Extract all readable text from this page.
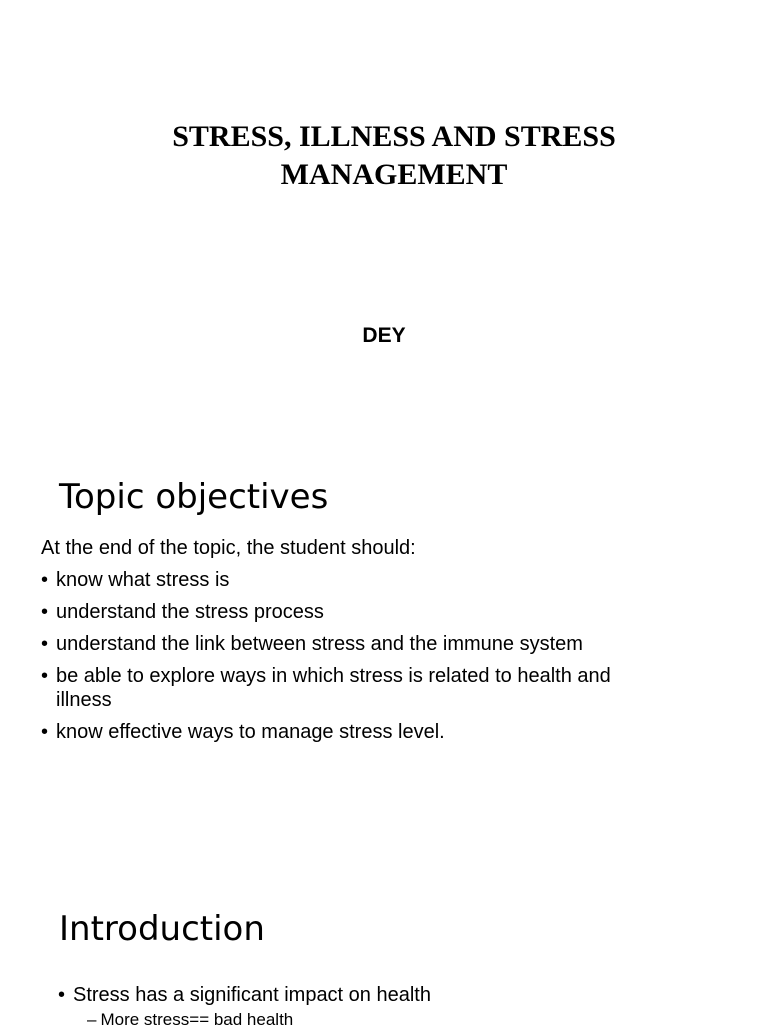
STRESS, ILLNESS AND STRESS MANAGEMENT

DEY

Topic objectives

At the end of the topic, the student should:

• know what stress is
• understand the stress process
• understand the link between stress and the immune system
• be able to explore ways in which stress is related to health and illness
• know effective ways to manage stress level.
Introduction
• Stress has a significant impact on health

– More stress== bad health
